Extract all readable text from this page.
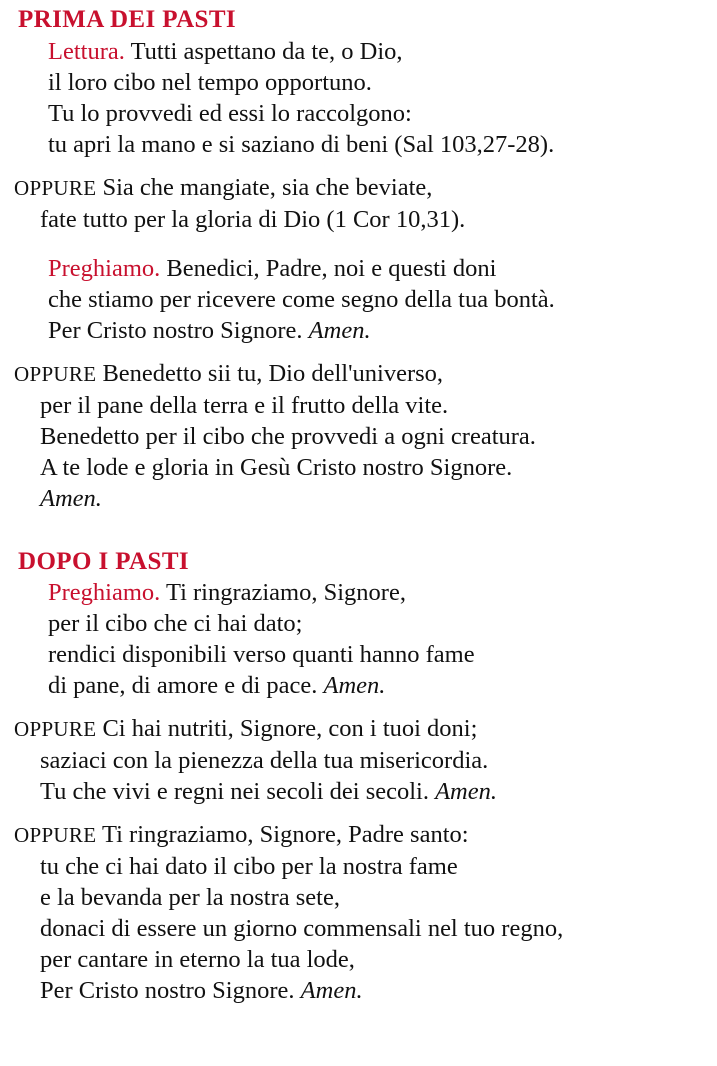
PRIMA DEI PASTI
Lettura. Tutti aspettano da te, o Dio,
il loro cibo nel tempo opportuno.
Tu lo provvedi ed essi lo raccolgono:
tu apri la mano e si saziano di beni (Sal 103,27-28).
OPPURE Sia che mangiate, sia che beviate,
fate tutto per la gloria di Dio (1 Cor 10,31).
Preghiamo. Benedici, Padre, noi e questi doni
che stiamo per ricevere come segno della tua bontà.
Per Cristo nostro Signore. Amen.
OPPURE Benedetto sii tu, Dio dell'universo,
per il pane della terra e il frutto della vite.
Benedetto per il cibo che provvedi a ogni creatura.
A te lode e gloria in Gesù Cristo nostro Signore.
Amen.
DOPO I PASTI
Preghiamo. Ti ringraziamo, Signore,
per il cibo che ci hai dato;
rendici disponibili verso quanti hanno fame
di pane, di amore e di pace. Amen.
OPPURE Ci hai nutriti, Signore, con i tuoi doni;
saziaci con la pienezza della tua misericordia.
Tu che vivi e regni nei secoli dei secoli. Amen.
OPPURE Ti ringraziamo, Signore, Padre santo:
tu che ci hai dato il cibo per la nostra fame
e la bevanda per la nostra sete,
donaci di essere un giorno commensali nel tuo regno,
per cantare in eterno la tua lode,
Per Cristo nostro Signore. Amen.
